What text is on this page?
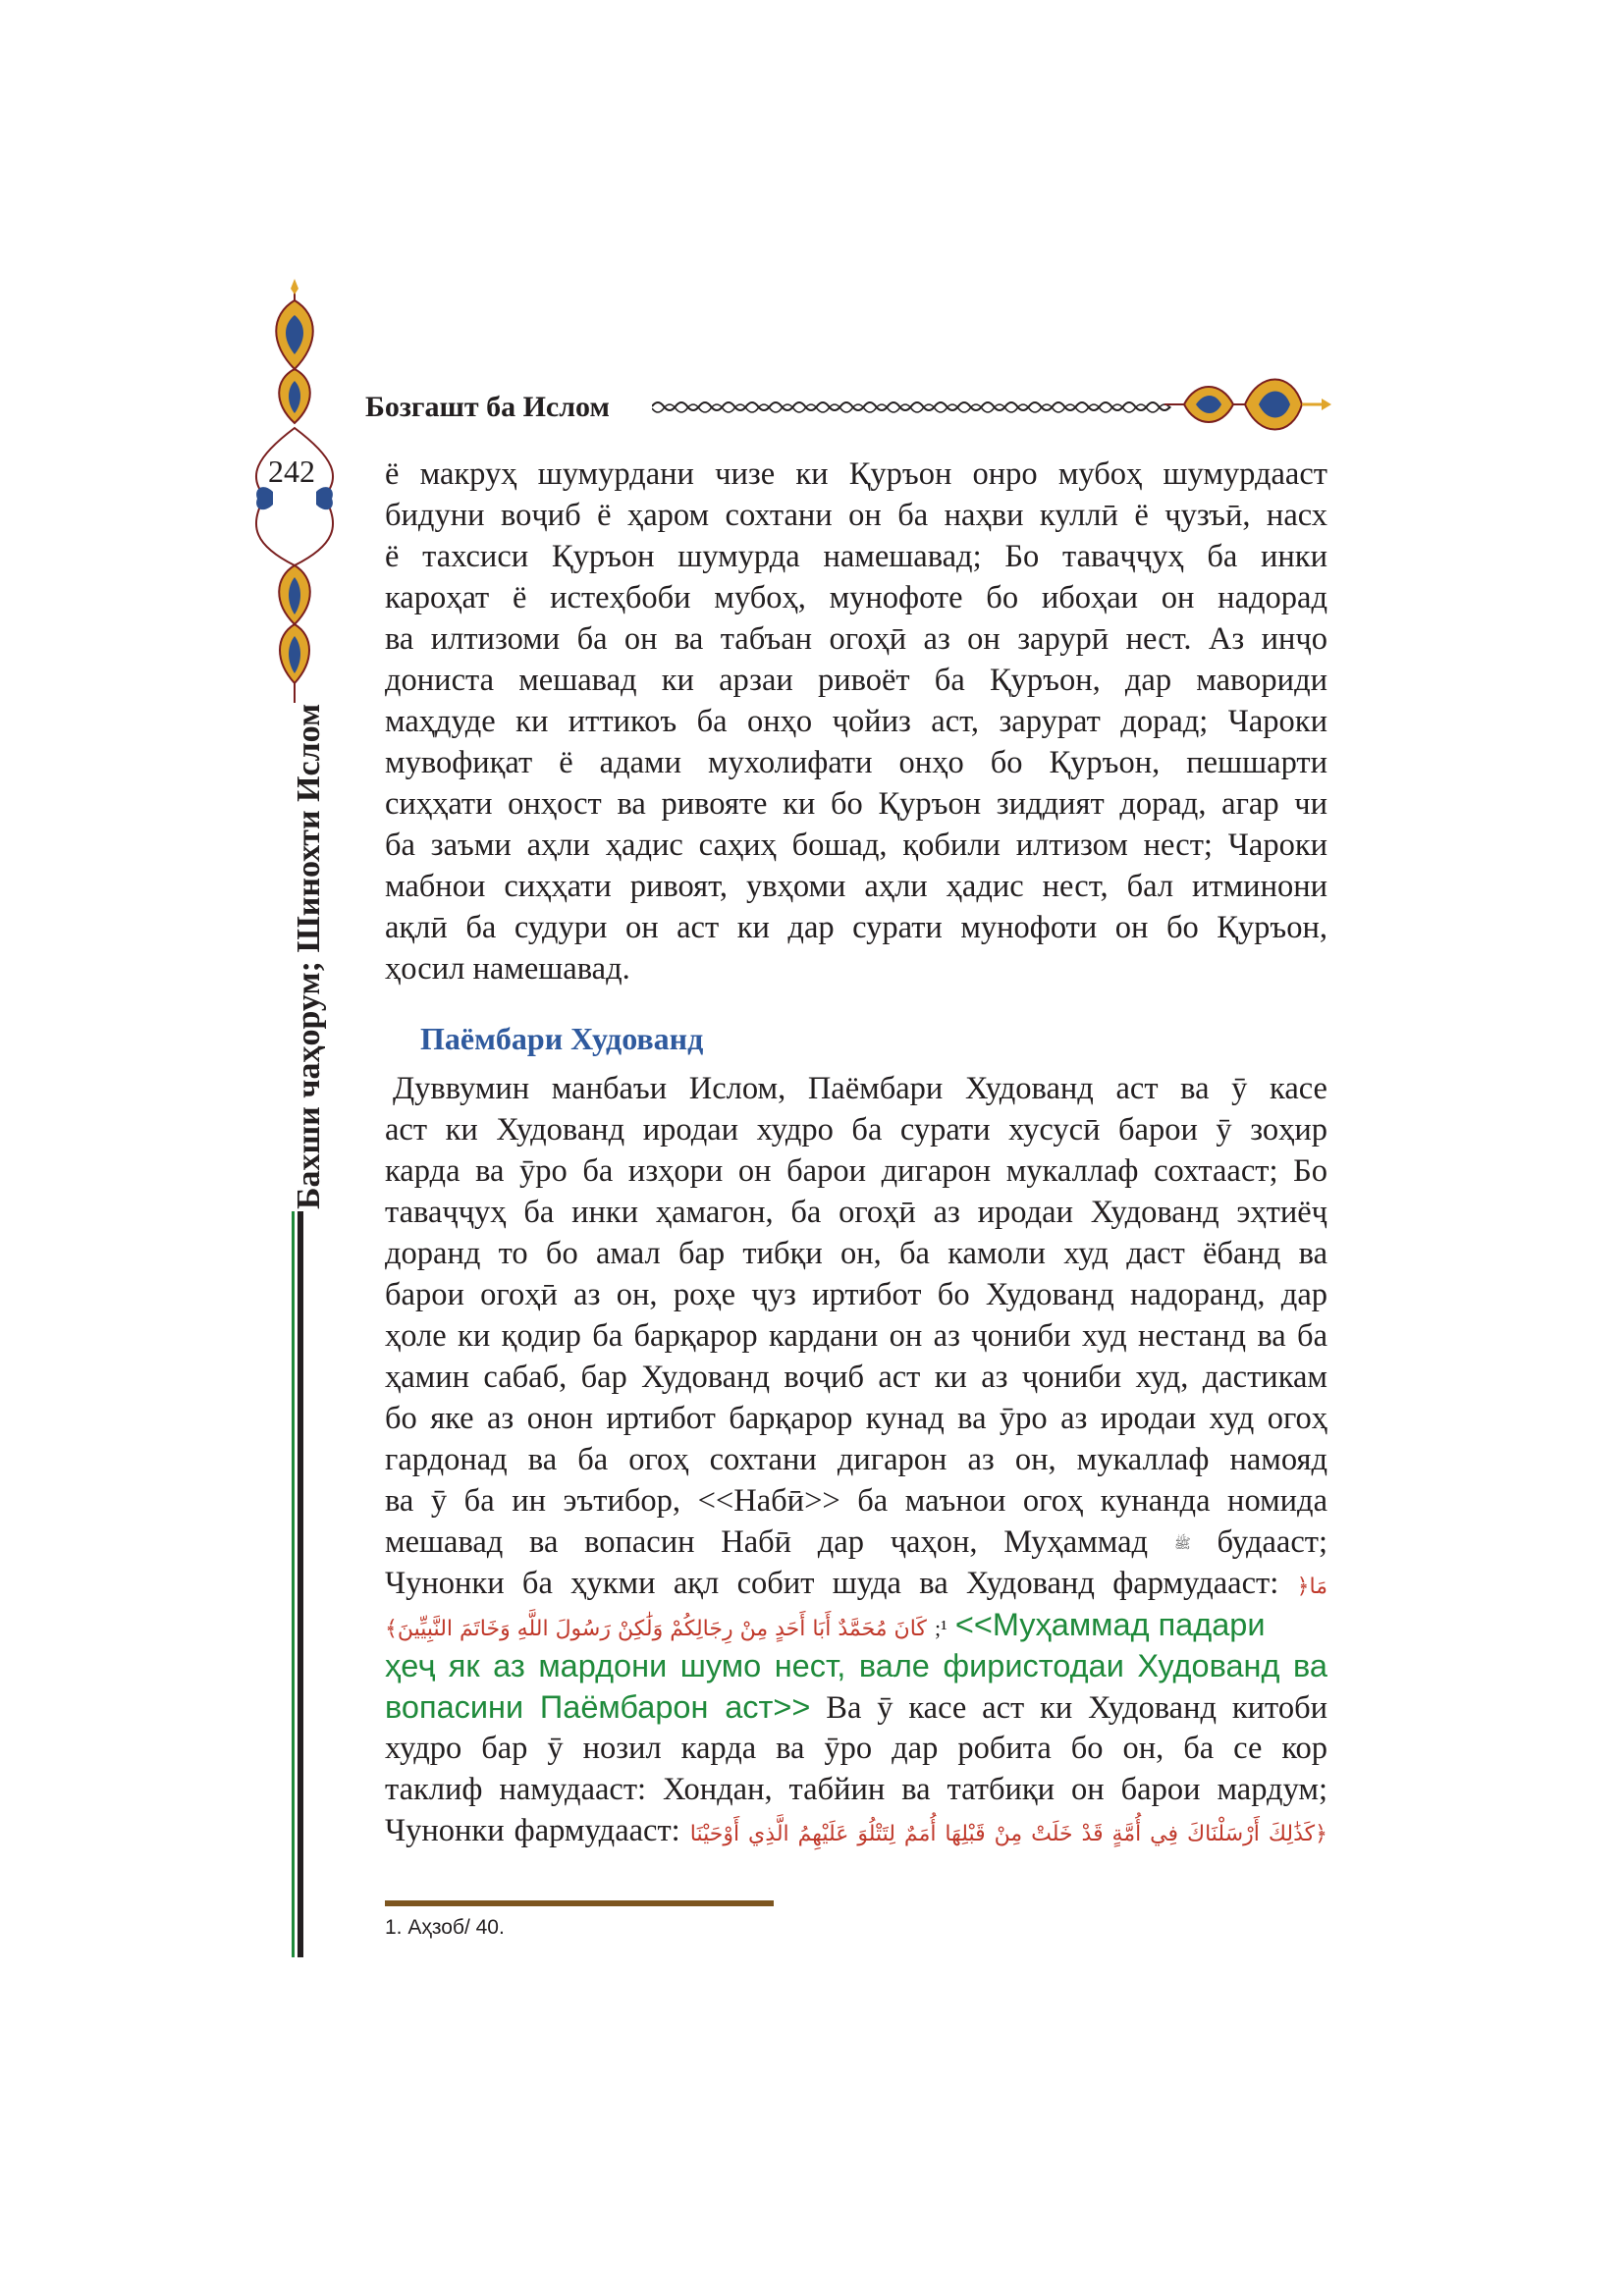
242
Бахши чаҳорум; Шинохти Ислом
Бозгашт ба Ислом
ё макруҳ шумурдани чизе ки Қуръон онро мубоҳ шумурдааст
бидуни воҷиб ё ҳаром сохтани он ба наҳви куллӣ ё ҷузъӣ, насх
ё тахсиси Қуръон шумурда намешавад; Бо таваҷҷуҳ ба инки
кароҳат ё истеҳбоби мубоҳ, мунофоте бо ибоҳаи он надорад
ва илтизоми ба он ва табъан огоҳӣ аз он зарурӣ нест. Аз инҷо
дониста мешавад ки арзаи ривоёт ба Қуръон, дар мавориди
маҳдуде ки иттикоъ ба онҳо ҷойиз аст, зарурат дорад; Чароки
мувофиқат ё адами мухолифати онҳо бо Қуръон, пешшарти
сиҳҳати онҳост ва ривояте ки бо Қуръон зиддият дорад, агар чи
ба заъми аҳли ҳадис саҳиҳ бошад, қобили илтизом нест; Чароки
мабнои сиҳҳати ривоят, увҳоми аҳли ҳадис нест, бал итминони
ақлӣ ба судури он аст ки дар сурати мунофоти он бо Қуръон,
ҳосил намешавад.
Паёмбари Худованд
Дуввумин манбаъи Ислом, Паёмбари Худованд аст ва ӯ касе
аст ки Худованд иродаи худро ба сурати хусусӣ барои ӯ зоҳир
карда ва ӯро ба изҳори он барои дигарон мукаллаф сохтааст; Бо
таваҷҷуҳ ба инки ҳамагон, ба огоҳӣ аз иродаи Худованд эҳтиёҷ
доранд то бо амал бар тибқи он, ба камоли худ даст ёбанд ва
барои огоҳӣ аз он, роҳе ҷуз иртибот бо Худованд надоранд, дар
ҳоле ки қодир ба барқарор кардани он аз ҷониби худ нестанд ва ба
ҳамин сабаб, бар Худованд воҷиб аст ки аз ҷониби худ, дастикам
бо яке аз онон иртибот барқарор кунад ва ӯро аз иродаи худ огоҳ
гардонад ва ба огоҳ сохтани дигарон аз он, мукаллаф намояд
ва ӯ ба ин эътибор, <<Набӣ>> ба маънои огоҳ кунанда номида
мешавад ва вопасин Набӣ дар ҷаҳон, Муҳаммад ﷺ будааст;
Чунонки ба ҳукми ақл собит шуда ва Худованд фармудааст: ﴿مَا
كَانَ مُحَمَّدٌ أَبَا أَحَدٍ مِنْ رِجَالِكُمْ وَلَٰكِنْ رَسُولَ اللَّهِ وَخَاتَمَ النَّبِيِّينَ﴾ ;¹ <<Муҳаммад падари
ҳеҷ як аз мардони шумо нест, вале фиристодаи Худованд ва
вопасини Паёмбарон аст>> Ва ӯ касе аст ки Худованд китоби
худро бар ӯ нозил карда ва ӯро дар робита бо он, ба се кор
таклиф намудааст: Хондан, табйин ва татбиқи он барои мардум;
Чунонки фармудааст: ﴿كَذَٰلِكَ أَرْسَلْنَاكَ فِي أُمَّةٍ قَدْ خَلَتْ مِنْ قَبْلِهَا أُمَمٌ لِتَتْلُوَ عَلَيْهِمُ الَّذِي أَوْحَيْنَا
1. Аҳзоб/ 40.
